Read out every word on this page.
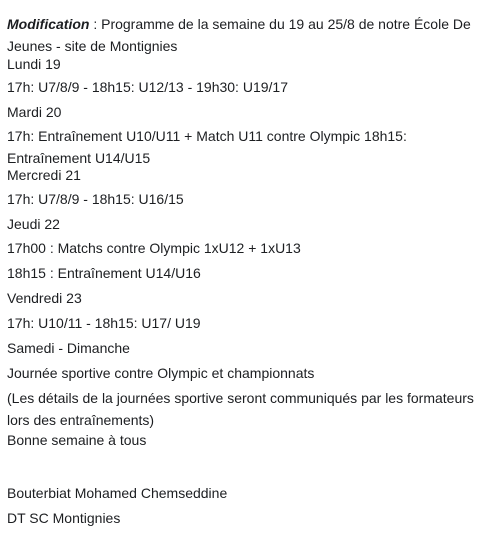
Modification : Programme de la semaine du 19 au 25/8 de notre École De Jeunes - site de Montignies
Lundi 19
17h: U7/8/9 - 18h15: U12/13 - 19h30: U19/17
Mardi 20
17h: Entraînement U10/U11 + Match U11 contre Olympic 18h15: Entraînement U14/U15
Mercredi 21
17h: U7/8/9 - 18h15: U16/15
Jeudi 22
17h00 : Matchs contre Olympic 1xU12 + 1xU13
18h15 : Entraînement U14/U16
Vendredi 23
17h: U10/11 - 18h15: U17/ U19
Samedi - Dimanche
Journée sportive contre Olympic et championnats
(Les détails de la journées sportive seront communiqués par les formateurs lors des entraînements)
Bonne semaine à tous
Bouterbiat Mohamed Chemseddine
DT SC Montignies
